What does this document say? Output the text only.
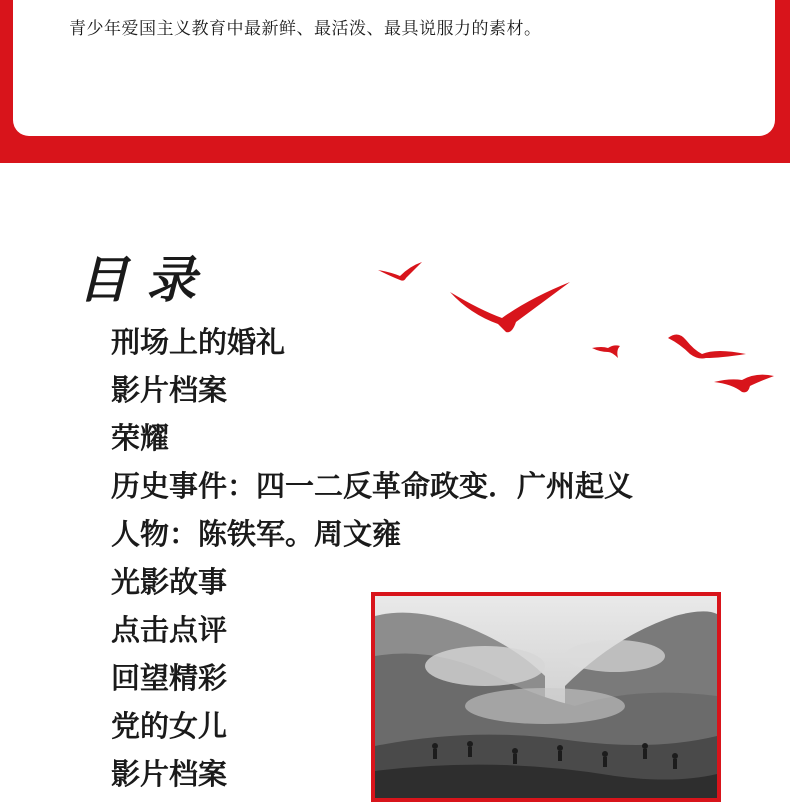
青少年爱国主义教育中最新鲜、最活泼、最具说服力的素材。
目录
刑场上的婚礼
影片档案
荣耀
历史事件：四一二反革命政变．广州起义
人物：陈铁军。周文雍
光影故事
点击点评
回望精彩
党的女儿
影片档案
